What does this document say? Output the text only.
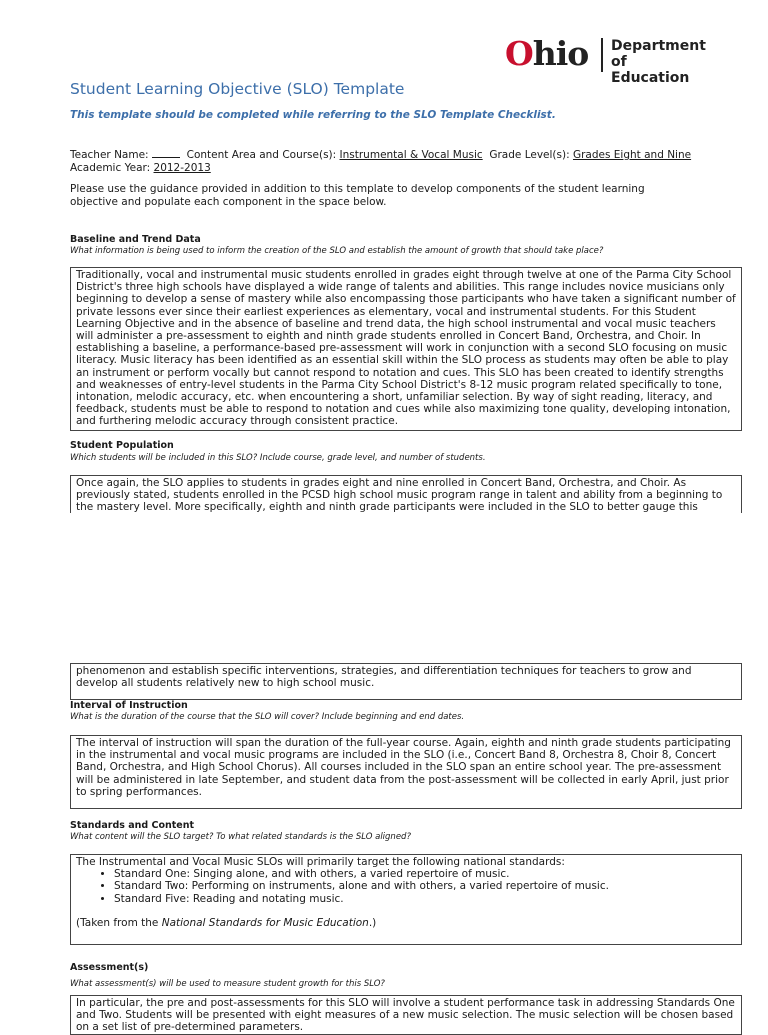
Ohio Department
of Education
Student Learning Objective (SLO) Template
This template should be completed while referring to the SLO Template Checklist.
Teacher Name:	Content Area and Course(s): Instrumental & Vocal Music Grade Level(s): Grades Eight and Nine
Academic Year: 2012-2013
Please use the guidance provided in addition to this template to develop components of the student learning objective and populate each component in the space below.
Baseline and Trend Data
What information is being used to inform the creation of the SLO and establish the amount of growth that should take place?

Traditionally, vocal and instrumental music students enrolled in grades eight through twelve at one of the Parma City School District's three high schools have displayed a wide range of talents and abilities. This range includes novice musicians only beginning to develop a sense of mastery while also encompassing those participants who have taken a significant number of private lessons ever since their earliest experiences as elementary, vocal and instrumental students. For this Student Learning Objective and in the absence of baseline and trend data, the high school instrumental and vocal music teachers will administer a pre-assessment to eighth and ninth grade students enrolled in Concert Band, Orchestra, and Choir. In establishing a baseline, a performance-based pre-assessment will work in conjunction with a second SLO focusing on music literacy. Music literacy has been identified as an essential skill within the SLO process as students may often be able to play an instrument or perform vocally but cannot respond to notation and cues. This SLO has been created to identify strengths and weaknesses of entry-level students in the Parma City School District's 8-12 music program related specifically to tone, intonation, melodic accuracy, etc. when encountering a short, unfamiliar selection. By way of sight reading, literacy, and feedback, students must be able to respond to notation and cues while also maximizing tone quality, developing intonation, and furthering melodic accuracy through consistent practice.

Student Population
Which students will be included in this SLO? Include course, grade level, and number of students.

Once again, the SLO applies to students in grades eight and nine enrolled in Concert Band, Orchestra, and Choir. As previously stated, students enrolled in the PCSD high school music program range in talent and ability from a beginning to the mastery level. More specifically, eighth and ninth grade participants were included in the SLO to better gauge this

phenomenon and establish specific interventions, strategies, and differentiation techniques for teachers to grow and develop all students relatively new to high school music.

Interval of Instruction
What is the duration of the course that the SLO will cover? Include beginning and end dates.

The interval of instruction will span the duration of the full-year course. Again, eighth and ninth grade students participating in the instrumental and vocal music programs are included in the SLO (i.e., Concert Band 8, Orchestra 8, Choir 8, Concert Band, Orchestra, and High School Chorus). All courses included in the SLO span an entire school year. The pre-assessment will be administered in late September, and student data from the post-assessment will be collected in early April, just prior to spring performances.

Standards and Content
What content will the SLO target? To what related standards is the SLO aligned?

The Instrumental and Vocal Music SLOs will primarily target the following national standards:

• Standard One: Singing alone, and with others, a varied repertoire of music.
• Standard Two: Performing on instruments, alone and with others, a varied repertoire of music.
• Standard Five: Reading and notating music.

(Taken from the National Standards for Music Education.)

Assessment(s)
What assessment(s) will be used to measure student growth for this SLO?

In particular, the pre and post-assessments for this SLO will involve a student performance task in addressing Standards One and Two. Students will be presented with eight measures of a new music selection. The music selection will be chosen based on a set list of pre-determined parameters.
